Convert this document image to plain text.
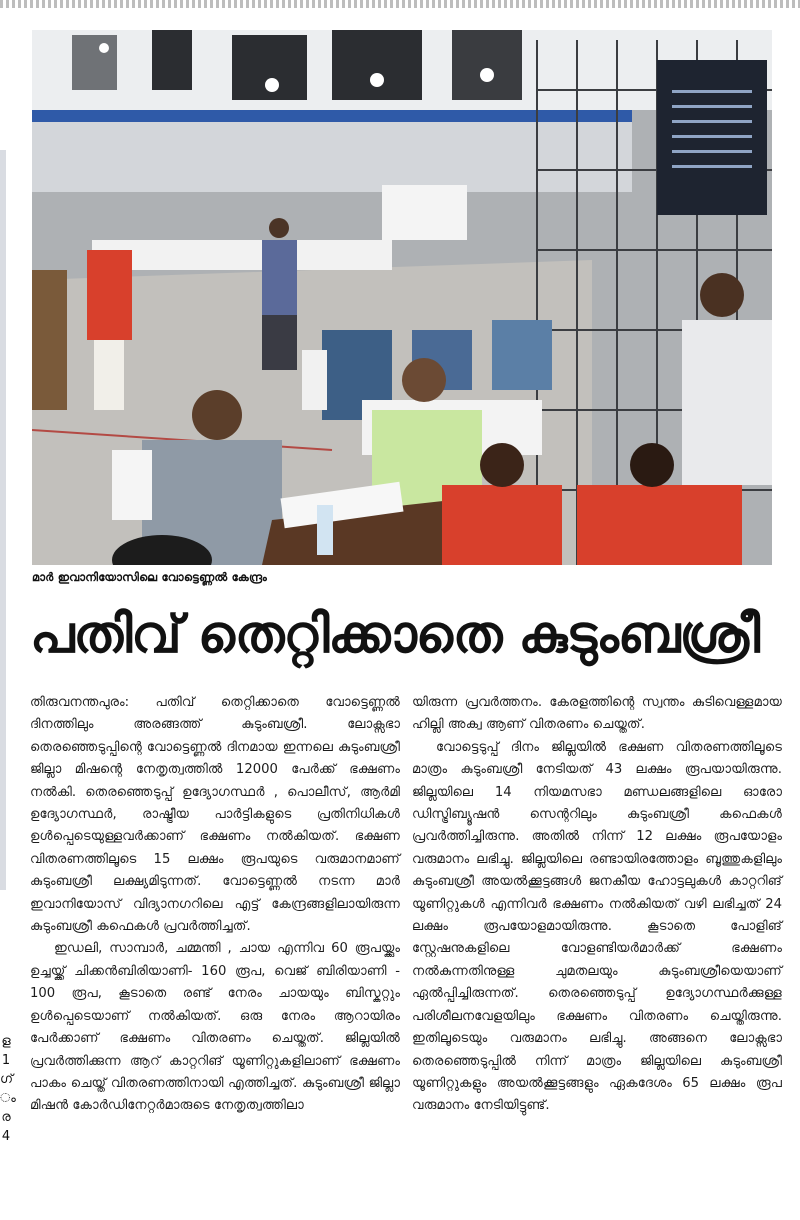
മാർ ഇവാനിയോസിലെ വോട്ടെണ്ണൽ കേന്ദ്രം
പതിവ് തെറ്റിക്കാതെ കുടുംബശ്രീ

തിരുവനന്തപുരം: പതിവ് തെറ്റിക്കാതെ വോട്ടെണ്ണൽ ദിനത്തിലും അരങ്ങത്ത് കുടുംബശ്രീ. ലോക്സഭാ തെരഞ്ഞെടുപ്പിന്റെ വോട്ടെണ്ണൽ ദിനമായ ഇന്നലെ കുടുംബശ്രീ ജില്ലാ മിഷന്റെ നേതൃത്വത്തിൽ 12000 പേർക്ക് ഭക്ഷണം നൽകി. തെരഞ്ഞെടുപ്പ് ഉദ്യോഗസ്ഥർ , പൊലീസ്, ആർമി ഉദ്യോഗസ്ഥർ, രാഷ്ട്രീയ പാർട്ടികളുടെ പ്രതിനിധികൾ ഉൾപ്പെടെയുള്ളവർക്കാണ് ഭക്ഷണം നൽകിയത്. ഭക്ഷണ വിതരണത്തിലൂടെ 15 ലക്ഷം രൂപയുടെ വരുമാനമാണ് കുടുംബശ്രീ ലക്ഷ്യമിടുന്നത്. വോട്ടെണ്ണൽ നടന്ന മാർ ഇവാനിയോസ് വിദ്യാനഗറിലെ എട്ട് കേന്ദ്രങ്ങളിലായിരുന്ന കുടുംബശ്രീ കഫെകൾ പ്രവർത്തിച്ചത്.

ഇഡലി, സാമ്പാർ, ചമ്മന്തി , ചായ എന്നിവ 60 രൂപയ്ക്കും ഉച്ചയ്ക്ക് ചിക്കൻബിരിയാണി- 160 രൂപ, വെജ് ബിരിയാണി - 100 രൂപ, കൂടാതെ രണ്ട് നേരം ചായയും ബിസ്കറ്റും ഉൾപ്പെടെയാണ് നൽകിയത്. ഒരു നേരം ആറായിരം പേർക്കാണ് ഭക്ഷണം വിതരണം ചെയ്തത്. ജില്ലയിൽ പ്രവർത്തിക്കുന്ന ആറ് കാറ്ററിങ് യൂണിറ്റുകളിലാണ് ഭക്ഷണം പാകം ചെയ്ത് വിതരണത്തിനായി എത്തിച്ചത്. കുടുംബശ്രീ ജില്ലാ മിഷൻ കോർഡിനേറ്റർമാരുടെ നേതൃത്വത്തിലാ

യിരുന്ന പ്രവർത്തനം. കേരളത്തിന്റെ സ്വന്തം കുടിവെള്ളമായ ഹില്ലി അക്വ ആണ് വിതരണം ചെയ്തത്.

വോട്ടെടുപ്പ് ദിനം ജില്ലയിൽ ഭക്ഷണ വിതരണത്തിലൂടെ മാത്രം കുടുംബശ്രീ നേടിയത് 43 ലക്ഷം രൂപയായിരുന്നു. ജില്ലയിലെ 14 നിയമസഭാ മണ്ഡലങ്ങളിലെ ഓരോ ഡിസ്ട്രിബ്യൂഷൻ സെന്ററിലും കുടുംബശ്രീ കഫെകൾ പ്രവർത്തിച്ചിരുന്നു. അതിൽ നിന്ന് 12 ലക്ഷം രൂപയോളം വരുമാനം ലഭിച്ചു. ജില്ലയിലെ രണ്ടായിരത്തോളം ബൂത്തുകളിലും കുടുംബശ്രീ അയൽക്കൂട്ടങ്ങൾ ജനകീയ ഹോട്ടലുകൾ കാറ്ററിങ് യൂണിറ്റുകൾ എന്നിവർ ഭക്ഷണം നൽകിയത് വഴി ലഭിച്ചത് 24 ലക്ഷം രൂപയോളമായിരുന്നു. കൂടാതെ പോളിങ് സ്റ്റേഷനുകളിലെ വോളണ്ടിയർമാർക്ക് ഭക്ഷണം നൽകുന്നതിനുള്ള ചുമതലയും കുടുംബശ്രീയെയാണ് ഏൽപ്പിച്ചിരുന്നത്. തെരഞ്ഞെടുപ്പ് ഉദ്യോഗസ്ഥർക്കുള്ള പരിശീലനവേളയിലും ഭക്ഷണം വിതരണം ചെയ്തിരുന്നു. ഇതിലൂടെയും വരുമാനം ലഭിച്ചു. അങ്ങനെ ലോക്സഭാ തെരഞ്ഞെടുപ്പിൽ നിന്ന് മാത്രം ജില്ലയിലെ കുടുംബശ്രീ യൂണിറ്റുകളും അയൽക്കൂട്ടങ്ങളും ഏകദേശം 65 ലക്ഷം രൂപ വരുമാനം നേടിയിട്ടുണ്ട്.

ള
1
ഗ്
ം
ര
4
